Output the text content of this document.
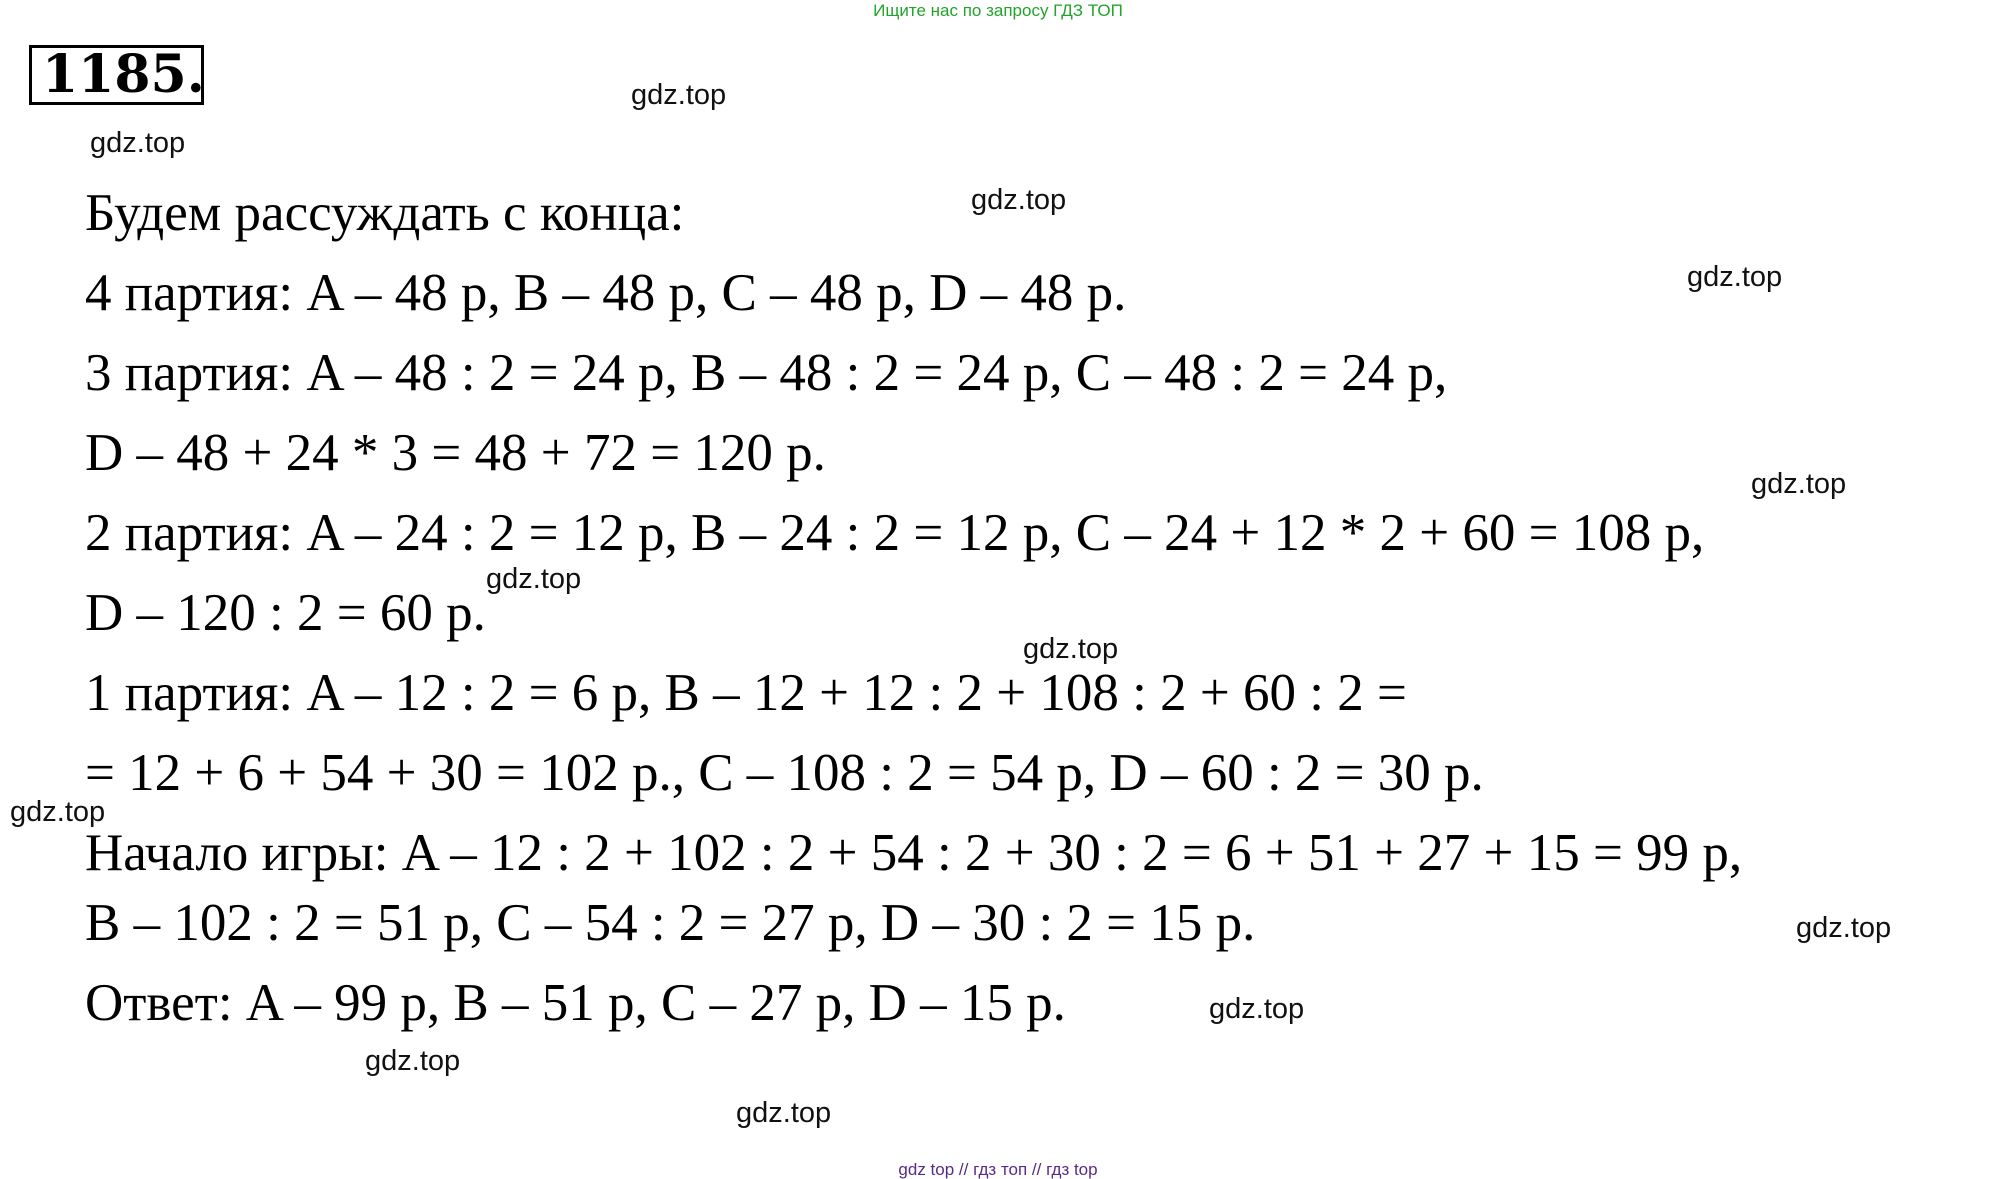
Ищите нас по запросу ГДЗ ТОП
1185.
Будем рассуждать с конца:
4 партия: A – 48 р, B – 48 р, C – 48 р, D – 48 р.
3 партия: A – 48 : 2 = 24 р, B – 48 : 2 = 24 р, C – 48 : 2 = 24 р,
D – 48 + 24 * 3 = 48 + 72 = 120 р.
2 партия: A – 24 : 2 = 12 р, B – 24 : 2 = 12 р, C – 24 + 12 * 2 + 60 = 108 р,
D – 120 : 2 = 60 р.
1 партия: A – 12 : 2 = 6 р, B – 12 + 12 : 2 + 108 : 2 + 60 : 2 =
= 12 + 6 + 54 + 30 = 102 р., C – 108 : 2 = 54 р, D – 60 : 2 = 30 р.
Начало игры: A – 12 : 2 + 102 : 2 + 54 : 2 + 30 : 2 = 6 + 51 + 27 + 15 = 99 р,
B – 102 : 2 = 51 р, C – 54 : 2 = 27 р, D – 30 : 2 = 15 р.
Ответ: A – 99 р, B – 51 р, C – 27 р, D – 15 р.
gdz.top
gdz.top
gdz.top
gdz.top
gdz.top
gdz.top
gdz.top
gdz.top
gdz.top
gdz.top
gdz.top
gdz.top
gdz top // гдз топ // гдз top
